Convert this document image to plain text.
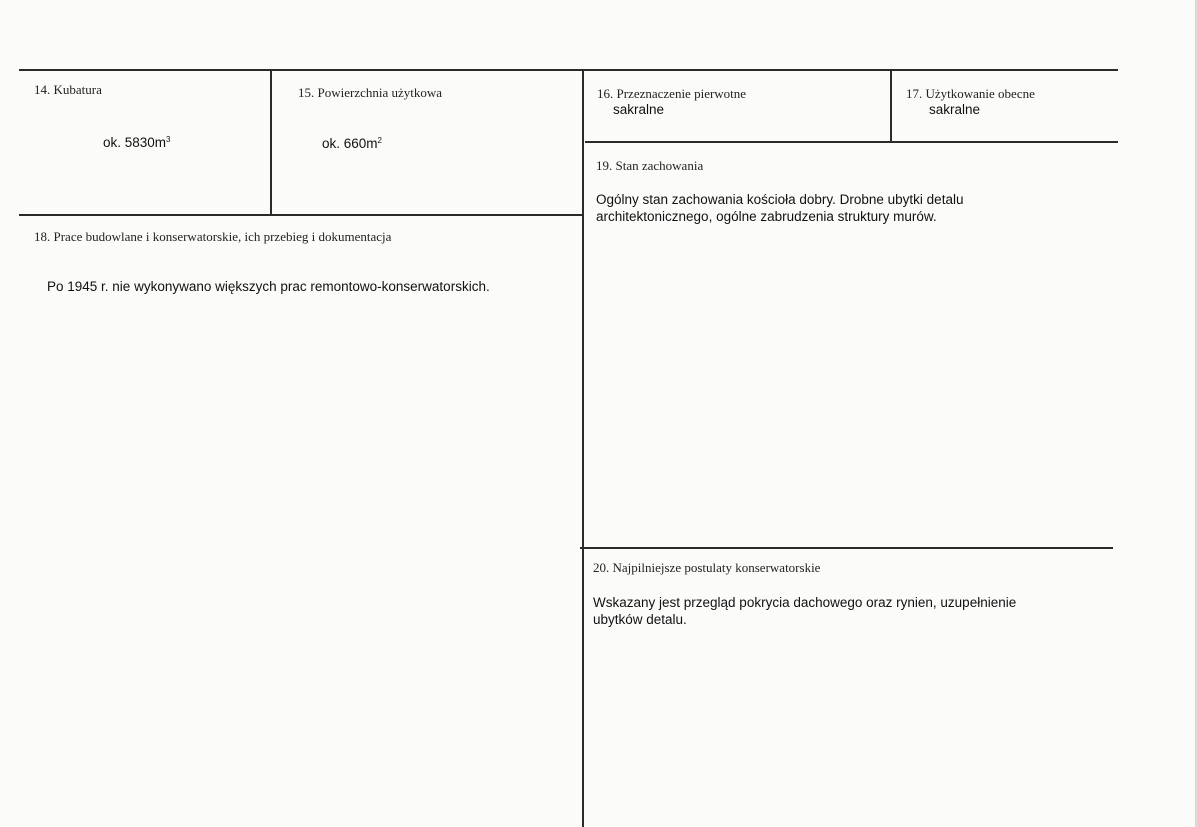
14. Kubatura
ok. $5830m^3$
15. Powierzchnia użytkowa
ok. $660m^2$
16. Przeznaczenie pierwotne
sakralne
17. Użytkowanie obecne
sakralne
18. Prace budowlane i konserwatorskie, ich przebieg i dokumentacja
Po 1945 r. nie wykonywano większych prac remontowo-konserwatorskich.
19. Stan zachowania
Ogólny stan zachowania kościoła dobry. Drobne ubytki detalu architektonicznego, ogólne zabrudzenia struktury murów.
20. Najpilniejsze postulaty konserwatorskie
Wskazany jest przegląd pokrycia dachowego oraz rynien, uzupełnienie ubytków detalu.
